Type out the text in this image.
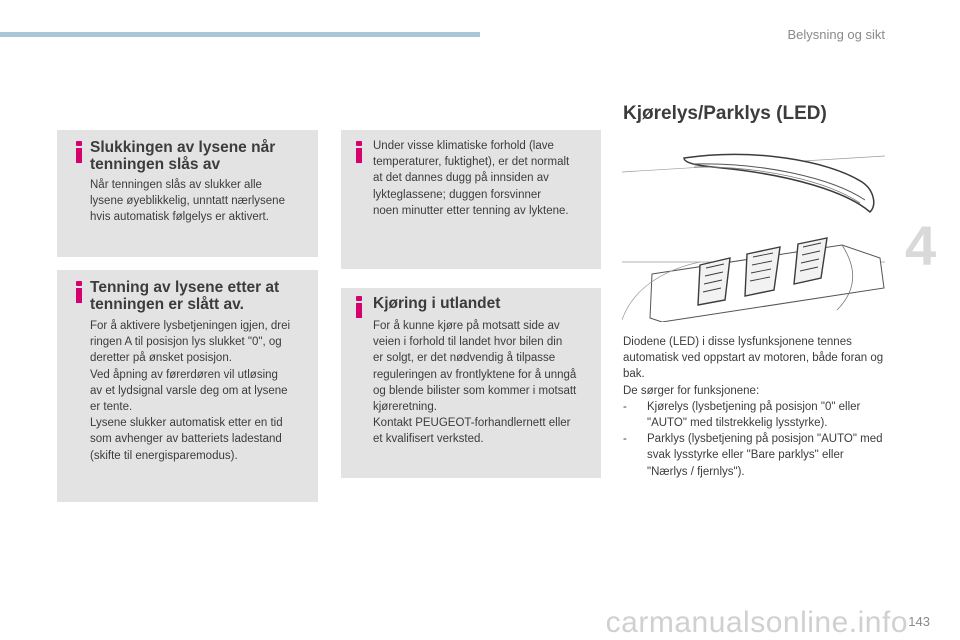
Belysning og sikt
4
Slukkingen av lysene når tenningen slås av
Når tenningen slås av slukker alle
lysene øyeblikkelig, unntatt nærlysene
hvis automatisk følgelys er aktivert.
Tenning av lysene etter at tenningen er slått av.
For å aktivere lysbetjeningen igjen, drei
ringen A til posisjon lys slukket "0", og
deretter på ønsket posisjon.
Ved åpning av førerdøren vil utløsing
av et lydsignal varsle deg om at lysene
er tente.
Lysene slukker automatisk etter en tid
som avhenger av batteriets ladestand
(skifte til energisparemodus).
Under visse klimatiske forhold (lave
temperaturer, fuktighet), er det normalt
at det dannes dugg på innsiden av
lykteglassene; duggen forsvinner
noen minutter etter tenning av lyktene.
Kjøring i utlandet
For å kunne kjøre på motsatt side av
veien i forhold til landet hvor bilen din
er solgt, er det nødvendig å tilpasse
reguleringen av frontlyktene for å unngå
og blende bilister som kommer i motsatt
kjøreretning.
Kontakt PEUGEOT-forhandlernett eller
et kvalifisert verksted.
Kjørelys/Parklys (LED)

Diodene (LED) i disse lysfunksjonene tennes automatisk ved oppstart av motoren, både foran og bak.

De sørger for funksjonene:

-	Kjørelys (lysbetjening på posisjon "0" eller "AUTO" med tilstrekkelig lysstyrke).
-	Parklys (lysbetjening på posisjon "AUTO" med svak lysstyrke eller "Bare parklys" eller "Nærlys / fjernlys").
carmanualsonline.info 143
